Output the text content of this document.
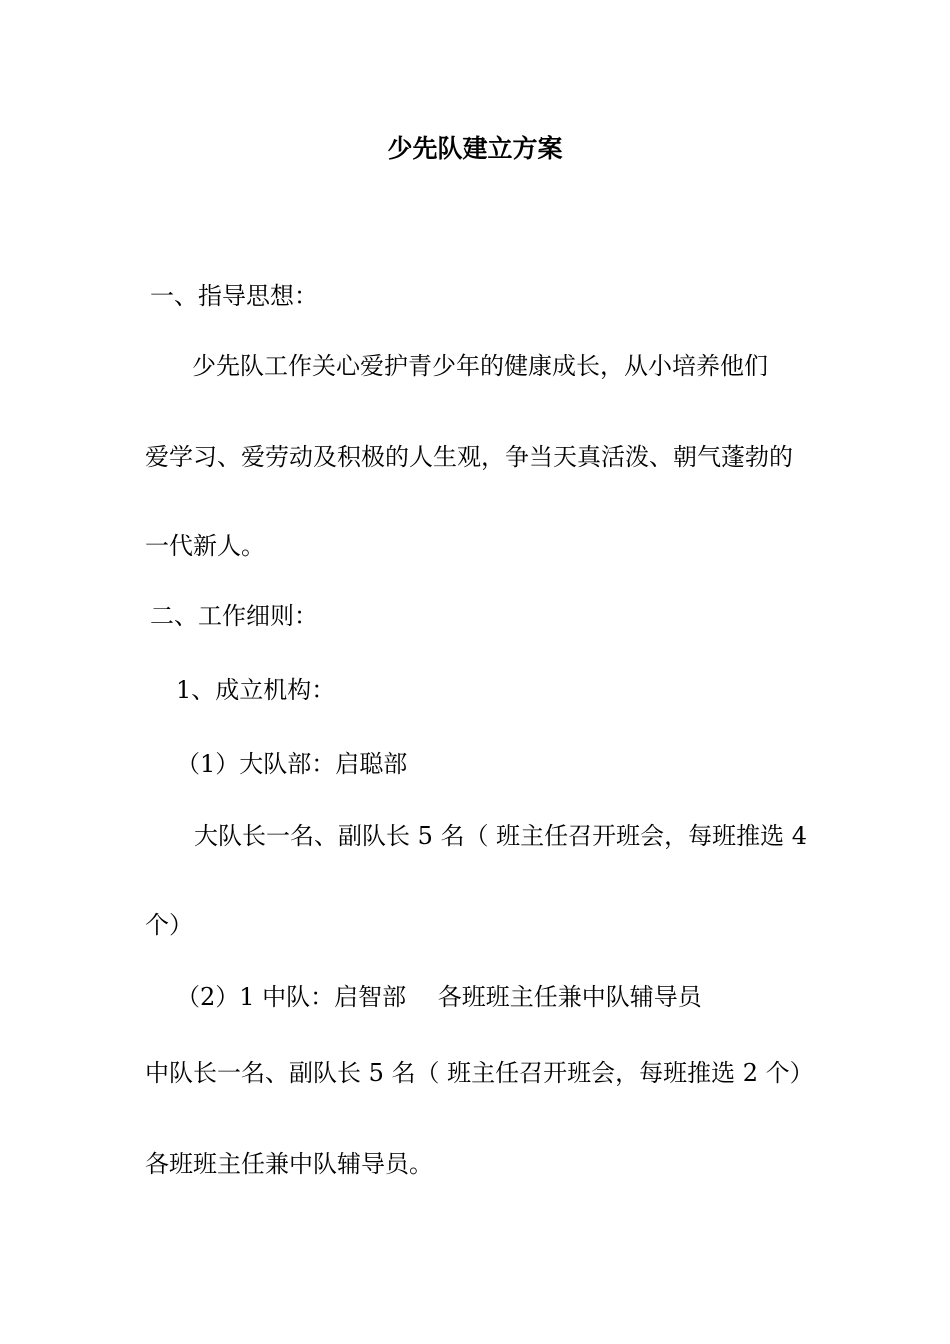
少先队建立方案
一、指导思想：
少先队工作关心爱护青少年的健康成长，从小培养他们
爱学习、爱劳动及积极的人生观，争当天真活泼、朝气蓬勃的
一代新人。
二、工作细则：
1、成立机构：
（1）大队部：启聪部
大队长一名、副队长 5 名（ 班主任召开班会，每班推选 4
个）
（2）1 中队：启智部　 各班班主任兼中队辅导员
中队长一名、副队长 5 名（ 班主任召开班会，每班推选 2 个）
各班班主任兼中队辅导员。
